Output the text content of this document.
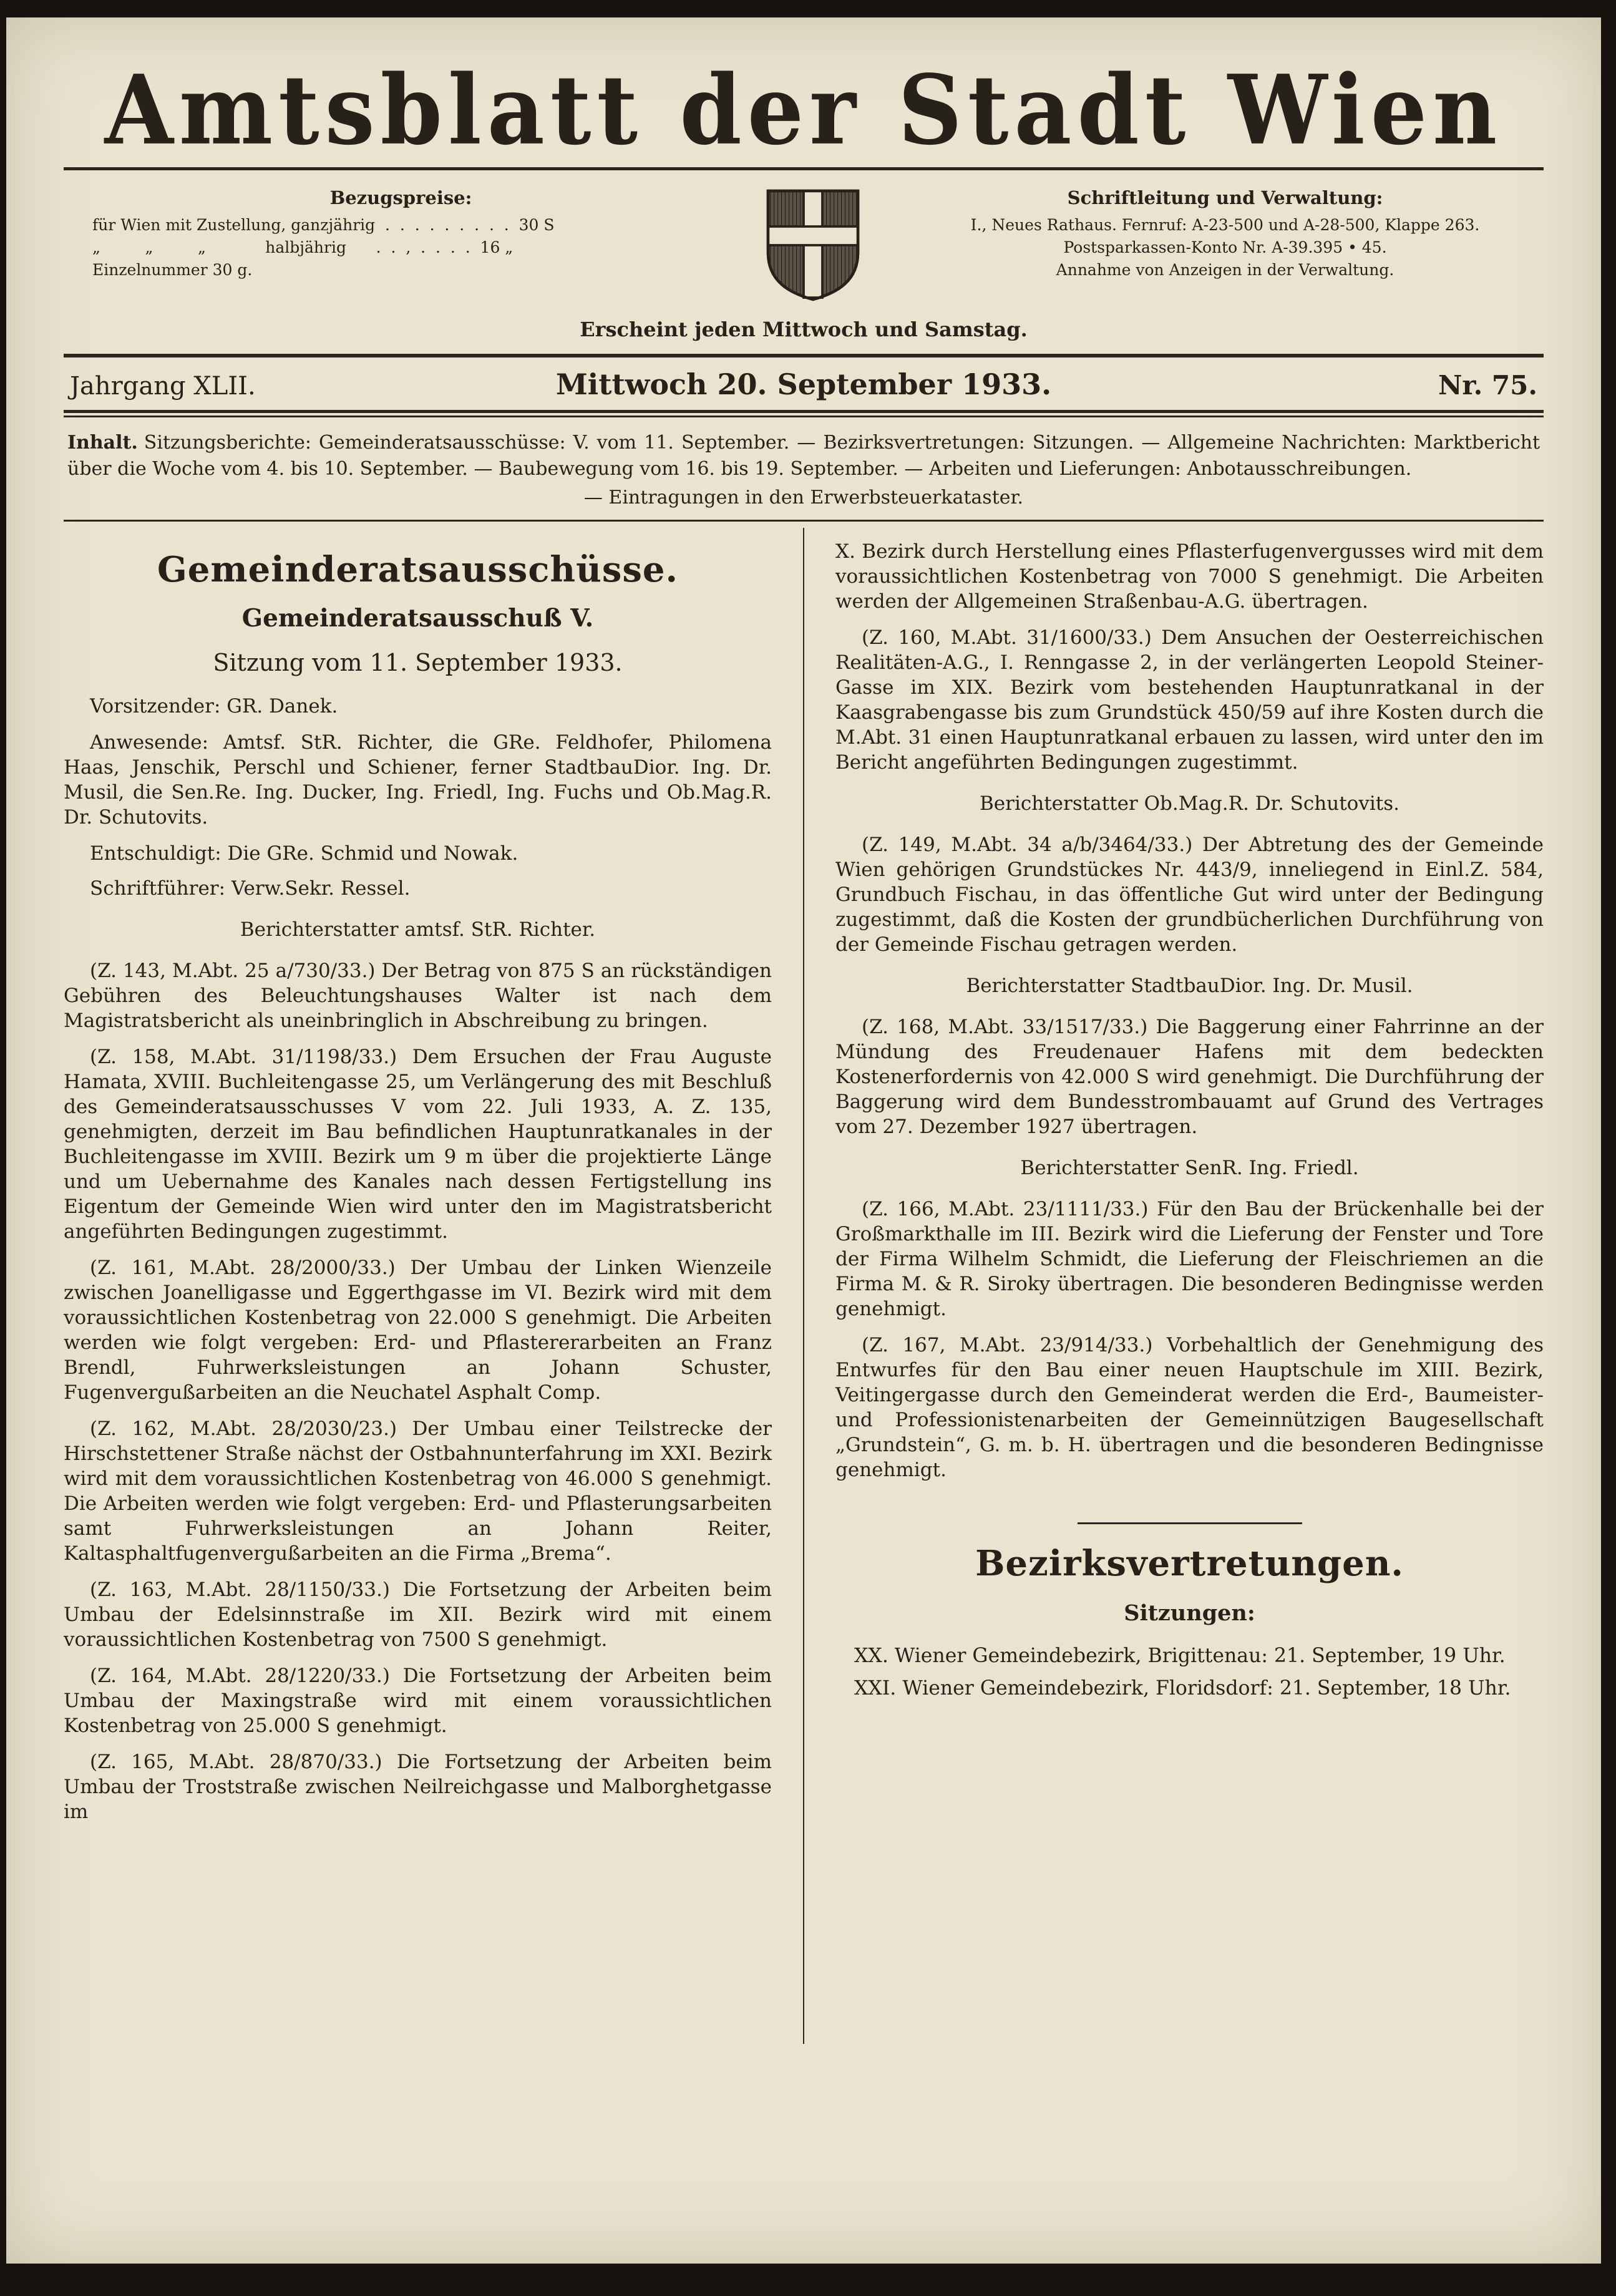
Amtsblatt der Stadt Wien
Bezugspreise:
für Wien mit Zustellung, ganzjährig  .  .  .  .  .  .  .  .  .  30 S
„         „         „            halbjährig      .  .  ,  .  .  .  .  16 „
Einzelnummer 30 g.
Schriftleitung und Verwaltung:
I., Neues Rathaus. Fernruf: A-23-500 und A-28-500, Klappe 263.
Postsparkassen-Konto Nr. A-39.395 • 45.
Annahme von Anzeigen in der Verwaltung.
Erscheint jeden Mittwoch und Samstag.
Jahrgang XLII.	Mittwoch 20. September 1933.	Nr. 75.

Inhalt. Sitzungsberichte: Gemeinderatsausschüsse: V. vom 11. September. — Bezirksvertretungen: Sitzungen. — Allgemeine Nachrichten: Marktbericht über die Woche vom 4. bis 10. September. — Baubewegung vom 16. bis 19. September. — Arbeiten und Lieferungen: Anbotausschreibungen.

— Eintragungen in den Erwerbsteuerkataster.

Gemeinderatsausschüsse.
Gemeinderatsausschuß V.
Sitzung vom 11. September 1933.

Vorsitzender: GR. Danek.

Anwesende: Amtsf. StR. Richter, die GRe. Feldhofer, Philomena Haas, Jenschik, Perschl und Schiener, ferner StadtbauDior. Ing. Dr. Musil, die Sen.Re. Ing. Ducker, Ing. Friedl, Ing. Fuchs und Ob.Mag.R. Dr. Schutovits.

Entschuldigt: Die GRe. Schmid und Nowak.

Schriftführer: Verw.Sekr. Ressel.

Berichterstatter amtsf. StR. Richter.

(Z. 143, M.Abt. 25 a/730/33.) Der Betrag von 875 S an rückständigen Gebühren des Beleuchtungshauses Walter ist nach dem Magistratsbericht als uneinbringlich in Abschreibung zu bringen.

(Z. 158, M.Abt. 31/1198/33.) Dem Ersuchen der Frau Auguste Hamata, XVIII. Buchleitengasse 25, um Verlängerung des mit Beschluß des Gemeinderatsausschusses V vom 22. Juli 1933, A. Z. 135, genehmigten, derzeit im Bau befindlichen Hauptunratkanales in der Buchleitengasse im XVIII. Bezirk um 9 m über die projektierte Länge und um Uebernahme des Kanales nach dessen Fertigstellung ins Eigentum der Gemeinde Wien wird unter den im Magistratsbericht angeführten Bedingungen zugestimmt.

(Z. 161, M.Abt. 28/2000/33.) Der Umbau der Linken Wienzeile zwischen Joanelligasse und Eggerthgasse im VI. Bezirk wird mit dem voraussichtlichen Kostenbetrag von 22.000 S genehmigt. Die Arbeiten werden wie folgt vergeben: Erd- und Pflastererarbeiten an Franz Brendl, Fuhrwerksleistungen an Johann Schuster, Fugenvergußarbeiten an die Neuchatel Asphalt Comp.

(Z. 162, M.Abt. 28/2030/23.) Der Umbau einer Teilstrecke der Hirschstettener Straße nächst der Ostbahnunterfahrung im XXI. Bezirk wird mit dem voraussichtlichen Kostenbetrag von 46.000 S genehmigt. Die Arbeiten werden wie folgt vergeben: Erd- und Pflasterungsarbeiten samt Fuhrwerksleistungen an Johann Reiter, Kaltasphaltfugenvergußarbeiten an die Firma „Brema“.

(Z. 163, M.Abt. 28/1150/33.) Die Fortsetzung der Arbeiten beim Umbau der Edelsinnstraße im XII. Bezirk wird mit einem voraussichtlichen Kostenbetrag von 7500 S genehmigt.

(Z. 164, M.Abt. 28/1220/33.) Die Fortsetzung der Arbeiten beim Umbau der Maxingstraße wird mit einem voraussichtlichen Kostenbetrag von 25.000 S genehmigt.

(Z. 165, M.Abt. 28/870/33.) Die Fortsetzung der Arbeiten beim Umbau der Troststraße zwischen Neilreichgasse und Malborghetgasse im

X. Bezirk durch Herstellung eines Pflasterfugenvergusses wird mit dem voraussichtlichen Kostenbetrag von 7000 S genehmigt. Die Arbeiten werden der Allgemeinen Straßenbau-A.G. übertragen.

(Z. 160, M.Abt. 31/1600/33.) Dem Ansuchen der Oesterreichischen Realitäten-A.G., I. Renngasse 2, in der verlängerten Leopold Steiner-Gasse im XIX. Bezirk vom bestehenden Hauptunratkanal in der Kaasgrabengasse bis zum Grundstück 450/59 auf ihre Kosten durch die M.Abt. 31 einen Hauptunratkanal erbauen zu lassen, wird unter den im Bericht angeführten Bedingungen zugestimmt.

Berichterstatter Ob.Mag.R. Dr. Schutovits.

(Z. 149, M.Abt. 34 a/b/3464/33.) Der Abtretung des der Gemeinde Wien gehörigen Grundstückes Nr. 443/9, inneliegend in Einl.Z. 584, Grundbuch Fischau, in das öffentliche Gut wird unter der Bedingung zugestimmt, daß die Kosten der grundbücherlichen Durchführung von der Gemeinde Fischau getragen werden.

Berichterstatter StadtbauDior. Ing. Dr. Musil.

(Z. 168, M.Abt. 33/1517/33.) Die Baggerung einer Fahrrinne an der Mündung des Freudenauer Hafens mit dem bedeckten Kostenerfordernis von 42.000 S wird genehmigt. Die Durchführung der Baggerung wird dem Bundesstrombauamt auf Grund des Vertrages vom 27. Dezember 1927 übertragen.

Berichterstatter SenR. Ing. Friedl.

(Z. 166, M.Abt. 23/1111/33.) Für den Bau der Brückenhalle bei der Großmarkthalle im III. Bezirk wird die Lieferung der Fenster und Tore der Firma Wilhelm Schmidt, die Lieferung der Fleischriemen an die Firma M. & R. Siroky übertragen. Die besonderen Bedingnisse werden genehmigt.

(Z. 167, M.Abt. 23/914/33.) Vorbehaltlich der Genehmigung des Entwurfes für den Bau einer neuen Hauptschule im XIII. Bezirk, Veitingergasse durch den Gemeinderat werden die Erd-, Baumeister- und Professionistenarbeiten der Gemeinnützigen Baugesellschaft „Grundstein“, G. m. b. H. übertragen und die besonderen Bedingnisse genehmigt.

Bezirksvertretungen.
Sitzungen:

XX. Wiener Gemeindebezirk, Brigittenau: 21. September, 19 Uhr.

XXI. Wiener Gemeindebezirk, Floridsdorf: 21. September, 18 Uhr.
